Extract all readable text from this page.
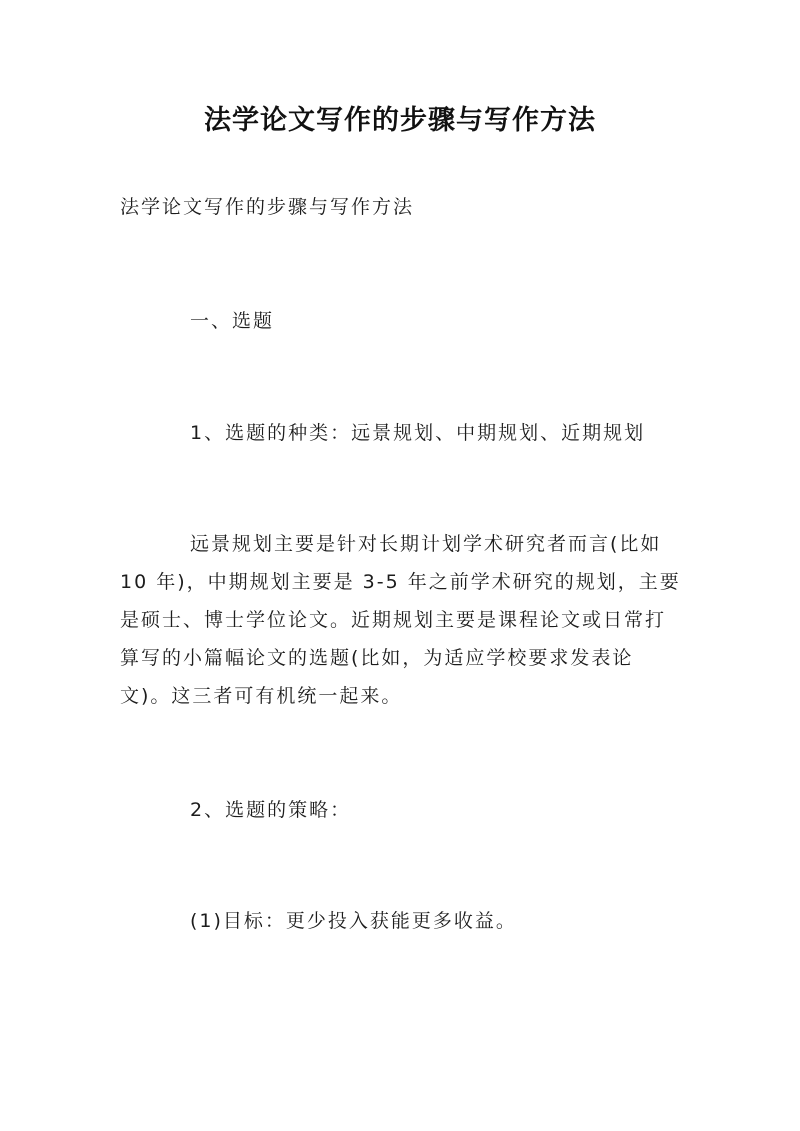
法学论文写作的步骤与写作方法
法学论文写作的步骤与写作方法
一、选题
1、选题的种类：远景规划、中期规划、近期规划
远景规划主要是针对长期计划学术研究者而言(比如
10 年)，中期规划主要是 3-5 年之前学术研究的规划，主要
是硕士、博士学位论文。近期规划主要是课程论文或日常打
算写的小篇幅论文的选题(比如，为适应学校要求发表论
文)。这三者可有机统一起来。
2、选题的策略：
(1)目标：更少投入获能更多收益。
